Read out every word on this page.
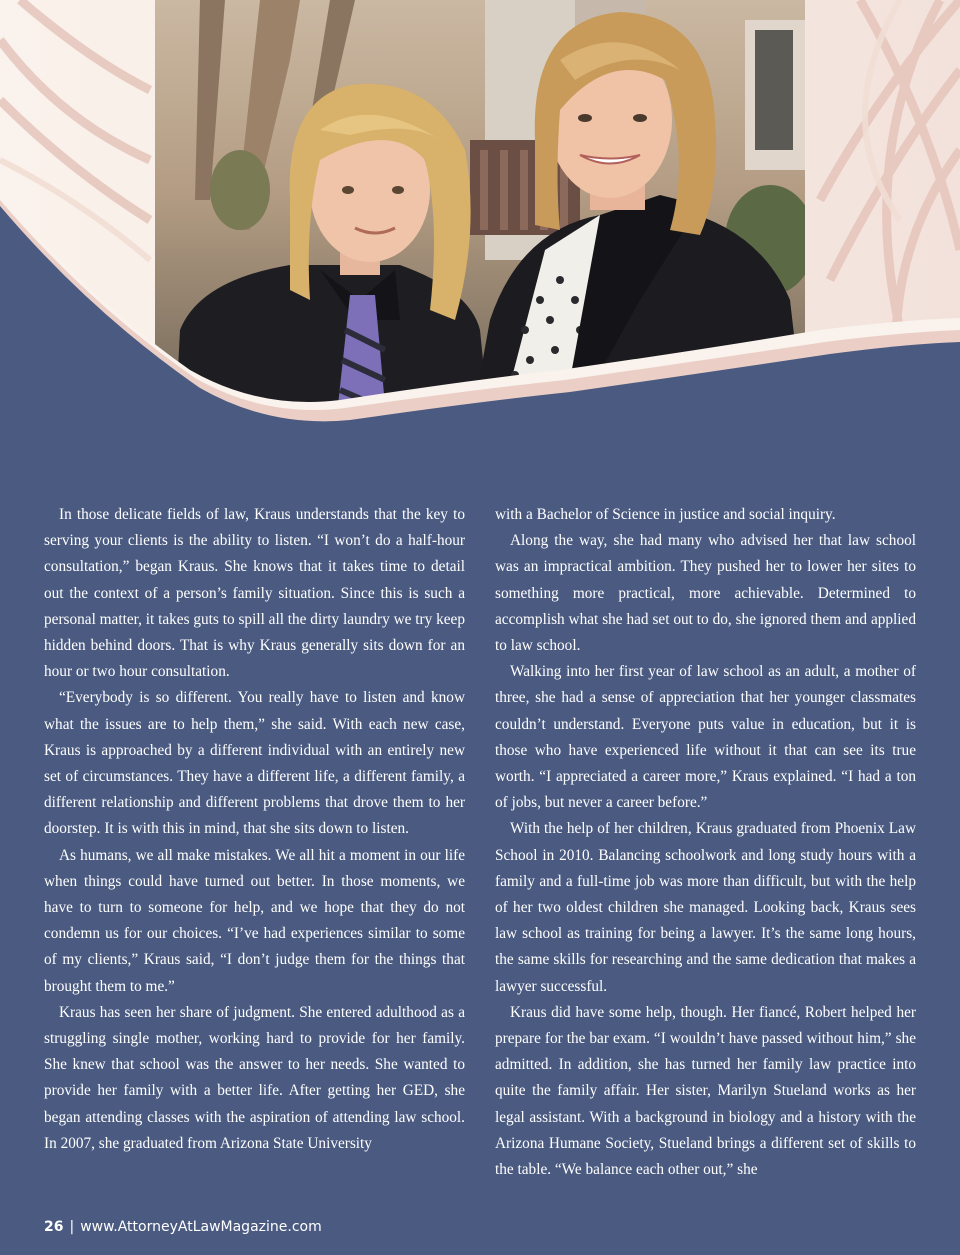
In those delicate fields of law, Kraus understands that the key to serving your clients is the ability to listen. “I won’t do a half-hour consultation,” began Kraus. She knows that it takes time to detail out the context of a person’s family situation. Since this is such a personal matter, it takes guts to spill all the dirty laundry we try keep hidden behind doors. That is why Kraus generally sits down for an hour or two hour consultation.

“Everybody is so different. You really have to listen and know what the issues are to help them,” she said. With each new case, Kraus is approached by a different individual with an entirely new set of circumstances. They have a different life, a different family, a different relationship and different problems that drove them to her doorstep. It is with this in mind, that she sits down to listen.

As humans, we all make mistakes. We all hit a moment in our life when things could have turned out better. In those moments, we have to turn to someone for help, and we hope that they do not condemn us for our choices. “I’ve had experiences similar to some of my clients,” Kraus said, “I don’t judge them for the things that brought them to me.”

Kraus has seen her share of judgment. She entered adulthood as a struggling single mother, working hard to provide for her family. She knew that school was the answer to her needs. She wanted to provide her family with a better life. After getting her GED, she began attending classes with the aspiration of attending law school. In 2007, she graduated from Arizona State University

with a Bachelor of Science in justice and social inquiry.

Along the way, she had many who advised her that law school was an impractical ambition. They pushed her to lower her sites to something more practical, more achievable. Determined to accomplish what she had set out to do, she ignored them and applied to law school.

Walking into her first year of law school as an adult, a mother of three, she had a sense of appreciation that her younger classmates couldn’t understand. Everyone puts value in education, but it is those who have experienced life without it that can see its true worth. “I appreciated a career more,” Kraus explained. “I had a ton of jobs, but never a career before.”

With the help of her children, Kraus graduated from Phoenix Law School in 2010. Balancing schoolwork and long study hours with a family and a full-time job was more than difficult, but with the help of her two oldest children she managed. Looking back, Kraus sees law school as training for being a lawyer. It’s the same long hours, the same skills for researching and the same dedication that makes a lawyer successful.

Kraus did have some help, though. Her fiancé, Robert helped her prepare for the bar exam. “I wouldn’t have passed without him,” she admitted. In addition, she has turned her family law practice into quite the family affair. Her sister, Marilyn Stueland works as her legal assistant. With a background in biology and a history with the Arizona Humane Society, Stueland brings a different set of skills to the table. “We balance each other out,” she

26 | www.AttorneyAtLawMagazine.com
